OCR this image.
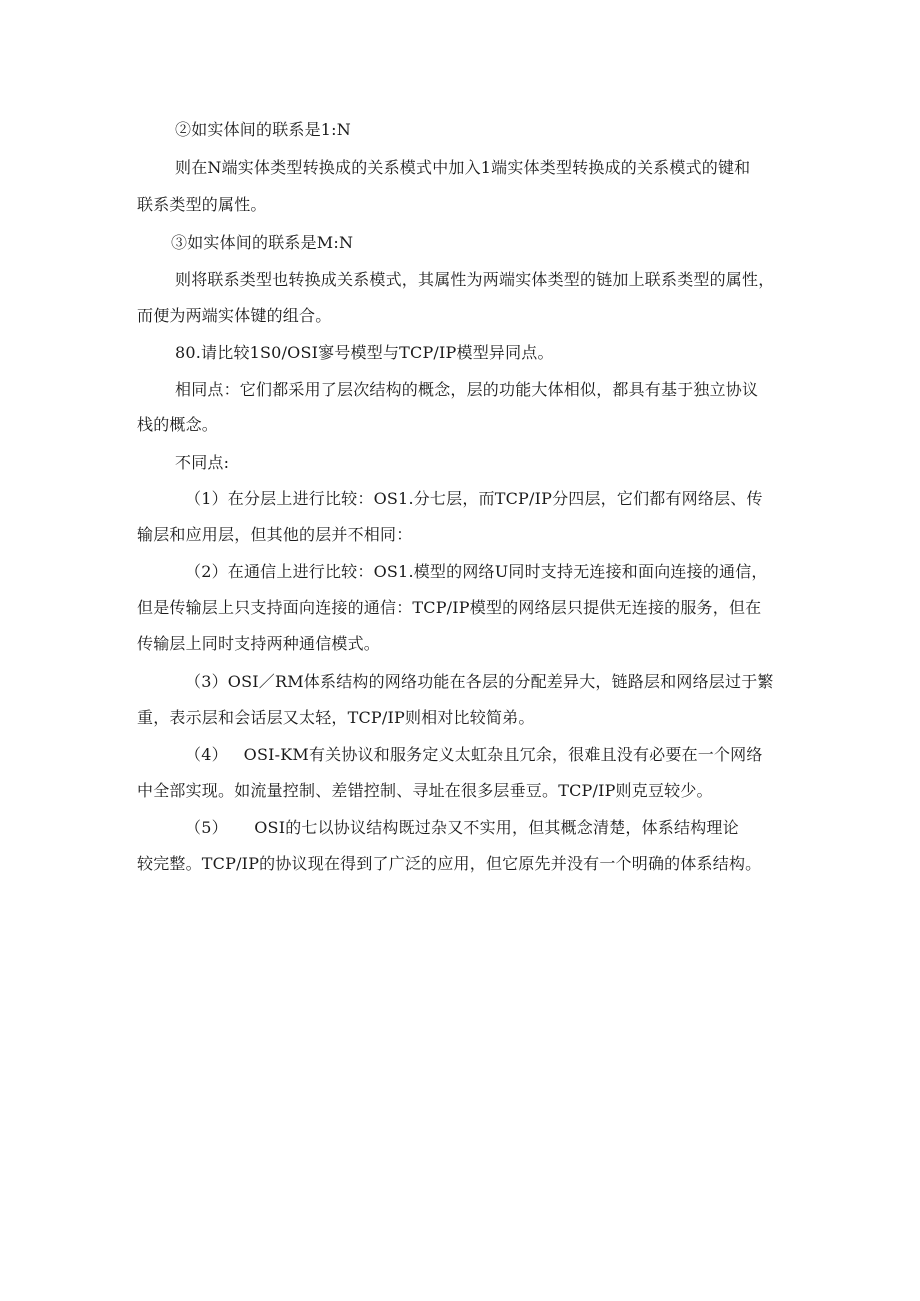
②如实体间的联系是1:N
则在N端实体类型转换成的关系模式中加入1端实体类型转换成的关系模式的键和
联系类型的属性。
③如实体间的联系是M:N
则将联系类型也转换成关系模式，其属性为两端实体类型的链加上联系类型的属性，
而便为两端实体键的组合。
80.请比较1S0/OSI寥号模型与TCP/IP模型异同点。
相同点：它们都采用了层次结构的概念，层的功能大体相似，都具有基于独立协议
栈的概念。
不同点:
（1）在分层上进行比较：OS1.分七层，而TCP/IP分四层，它们都有网络层、传
输层和应用层，但其他的层并不相同：
（2）在通信上进行比较：OS1.模型的网络U同时支持无连接和面向连接的通信，
但是传输层上只支持面向连接的通信：TCP/IP模型的网络层只提供无连接的服务，但在
传输层上同时支持两种通信模式。
（3）OSI／RM体系结构的网络功能在各层的分配差异大，链路层和网络层过于繁
重，表示层和会话层又太轻，TCP/IP则相对比较简弟。
（4）   OSI-KM有关协议和服务定义太虹杂且冗余，很难且没有必要在一个网络
中全部实现。如流量控制、差错控制、寻址在很多层垂豆。TCP/IP则克豆较少。
（5）     OSI的七以协议结构既过杂又不实用，但其概念清楚，体系结构理论
较完整。TCP/IP的协议现在得到了广泛的应用，但它原先并没有一个明确的体系结构。
